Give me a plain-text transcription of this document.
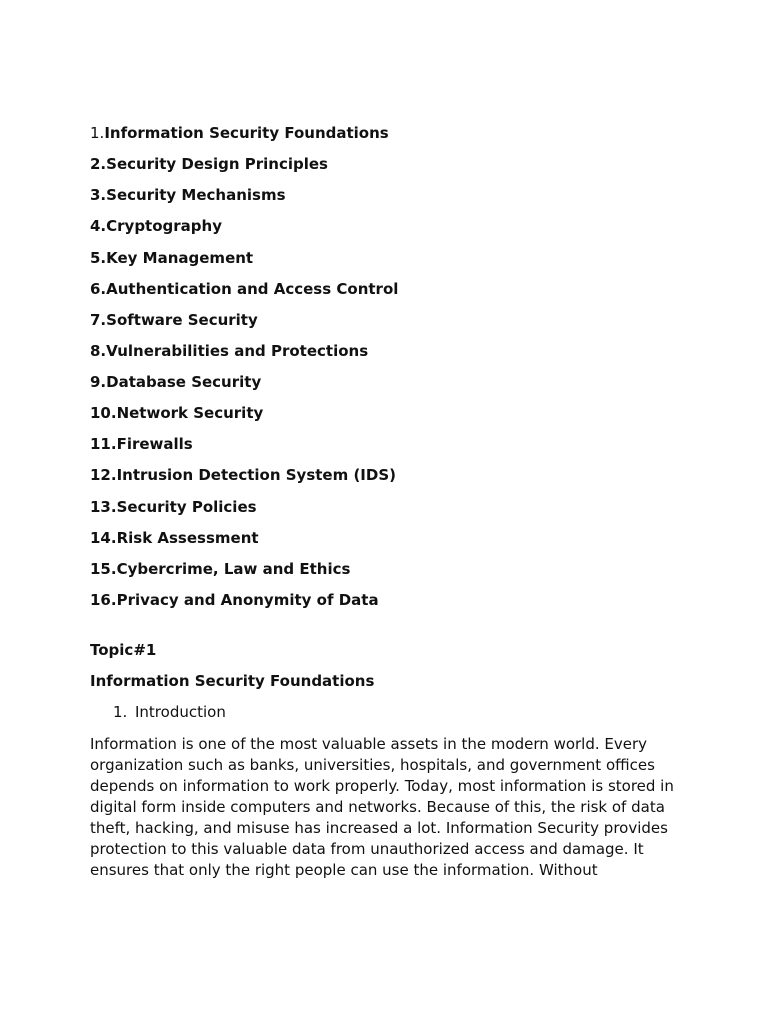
1.Information Security Foundations
2.Security Design Principles
3.Security Mechanisms
4.Cryptography
5.Key Management
6.Authentication and Access Control
7.Software Security
8.Vulnerabilities and Protections
9.Database Security
10.Network Security
11.Firewalls
12.Intrusion Detection System (IDS)
13.Security Policies
14.Risk Assessment
15.Cybercrime, Law and Ethics
16.Privacy and Anonymity of Data
Topic#1
Information Security Foundations
1. Introduction

Information is one of the most valuable assets in the modern world. Every
organization such as banks, universities, hospitals, and government offices
depends on information to work properly. Today, most information is stored in
digital form inside computers and networks. Because of this, the risk of data
theft, hacking, and misuse has increased a lot. Information Security provides
protection to this valuable data from unauthorized access and damage. It
ensures that only the right people can use the information. Without
